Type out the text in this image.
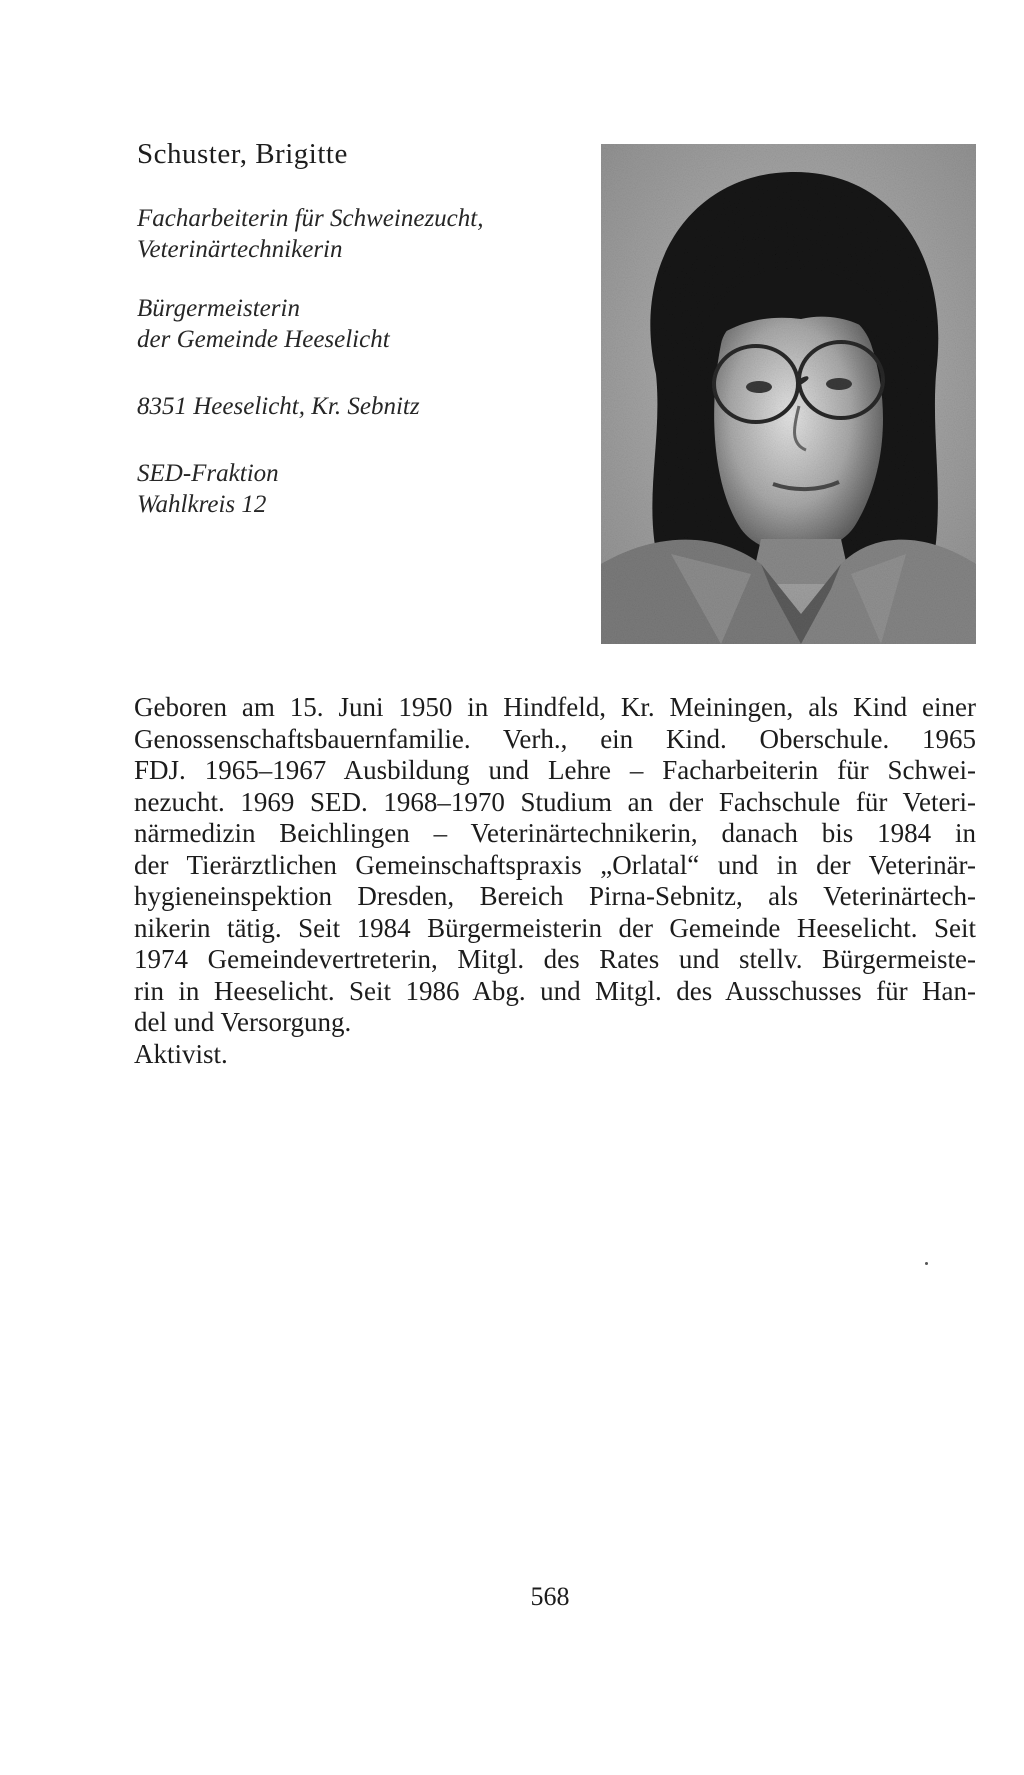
Schuster, Brigitte
Facharbeiterin für Schweinezucht,
Veterinärtechnikerin
Bürgermeisterin
der Gemeinde Heeselicht
8351 Heeselicht, Kr. Sebnitz
SED-Fraktion
Wahlkreis 12
Geboren am 15. Juni 1950 in Hindfeld, Kr. Meiningen, als Kind einer
Genossenschaftsbauernfamilie. Verh., ein Kind. Oberschule. 1965
FDJ. 1965–1967 Ausbildung und Lehre – Facharbeiterin für Schwei-
nezucht. 1969 SED. 1968–1970 Studium an der Fachschule für Veteri-
närmedizin Beichlingen – Veterinärtechnikerin, danach bis 1984 in
der Tierärztlichen Gemeinschaftspraxis „Orlatal“ und in der Veterinär-
hygieneinspektion Dresden, Bereich Pirna-Sebnitz, als Veterinärtech-
nikerin tätig. Seit 1984 Bürgermeisterin der Gemeinde Heeselicht. Seit
1974 Gemeindevertreterin, Mitgl. des Rates und stellv. Bürgermeiste-
rin in Heeselicht. Seit 1986 Abg. und Mitgl. des Ausschusses für Han-
del und Versorgung.
Aktivist.
568
